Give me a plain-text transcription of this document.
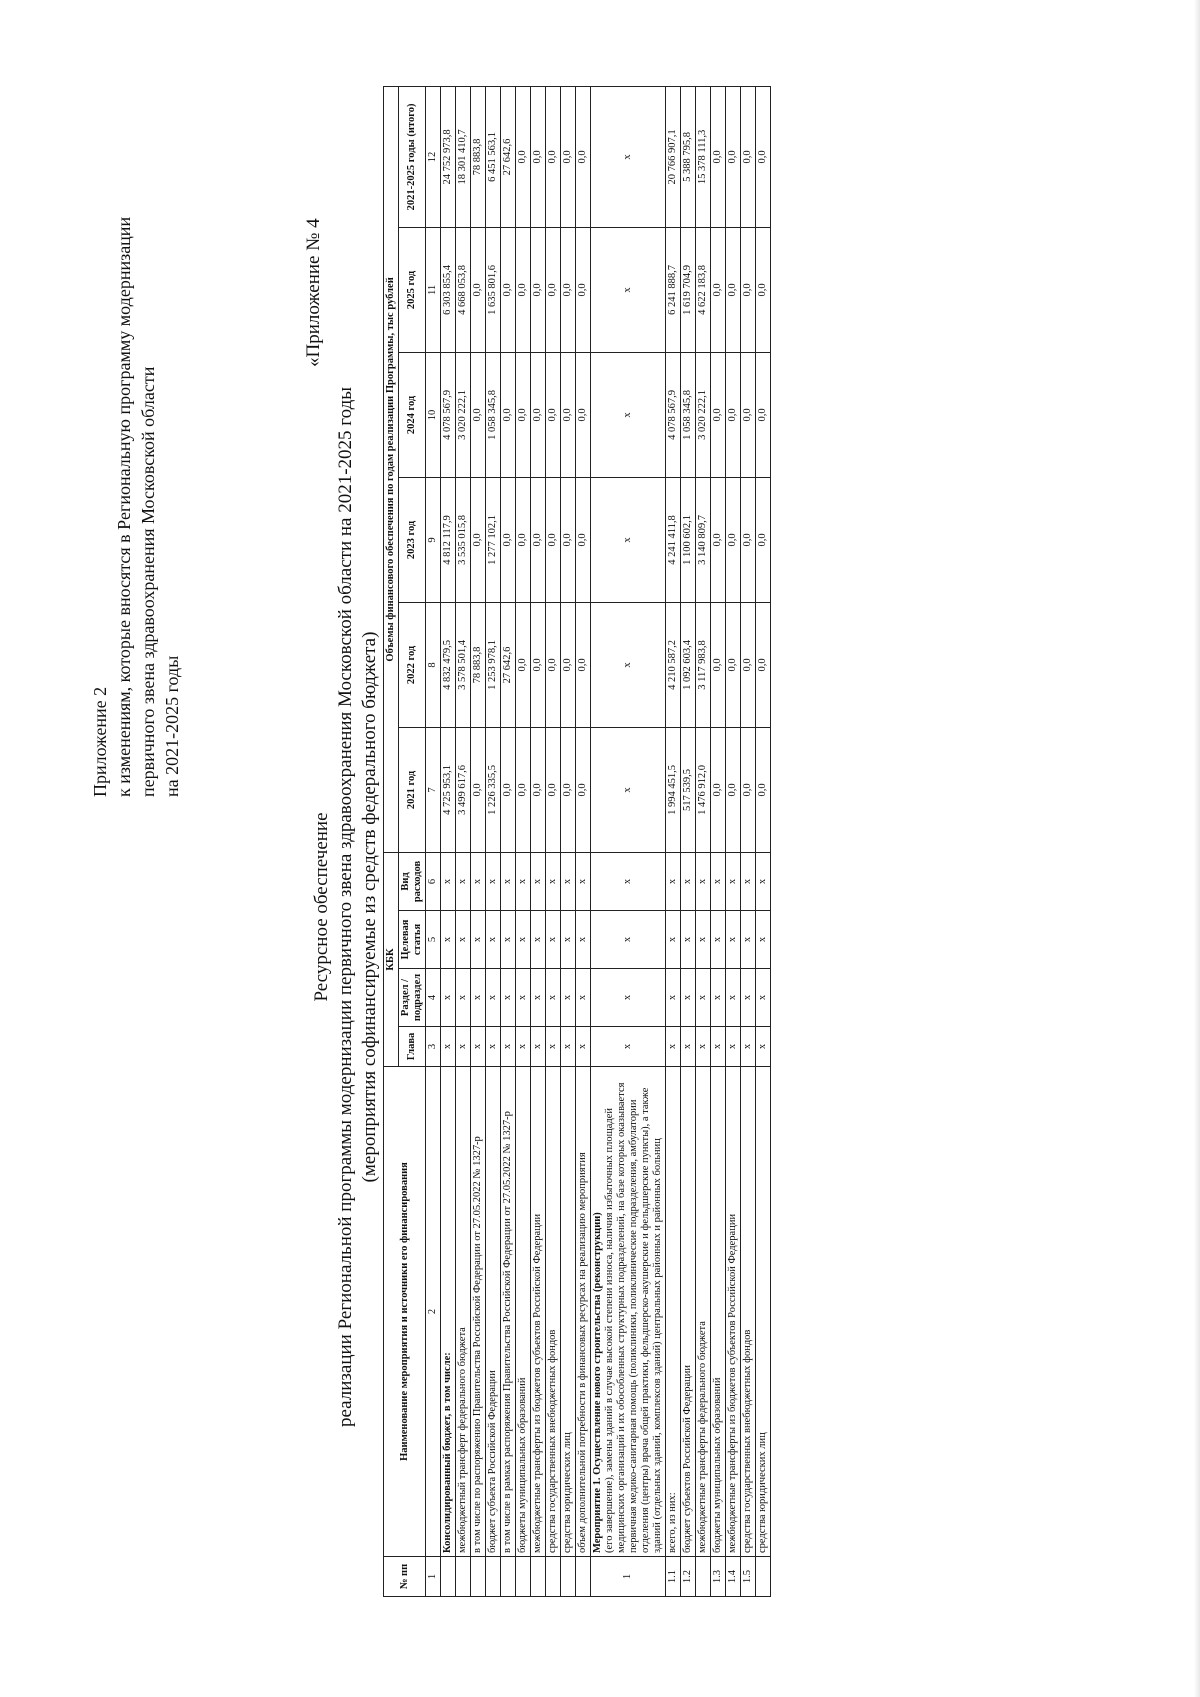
Приложение 2 к изменениям, которые вносятся в Региональную программу модернизации первичного звена здравоохранения Московской области на 2021-2025 годы
«Приложение № 4
Ресурсное обеспечение реализации Региональной программы модернизации первичного звена здравоохранения Московской области на 2021-2025 годы (мероприятия софинансируемые из средств федерального бюджета)
№ пп	Наименование мероприятия и источники его финансирования	КБК				Объемы финансового обеспечения по годам реализации Программы, тыс рублей					
		Глава	Раздел / подраздел	Целевая статья	Вид расходов	2021 год	2022 год	2023 год	2024 год	2025 год	2021-2025 годы (итого)
1	2	3	4	5	6	7	8	9	10	11	12
	Консолидированный бюджет, в том числе:	x	x	x	x	4 725 953,1	4 832 479,5	4 812 117,9	4 078 567,9	6 303 855,4	24 752 973,8
	межбюджетный трансферт федерального бюджета	x	x	x	x	3 499 617,6	3 578 501,4	3 535 015,8	3 020 222,1	4 668 053,8	18 301 410,7
	в том числе по распоряжению Правительства Российской Федерации от 27.05.2022 № 1327-р	x	x	x	x	0,0	78 883,8	0,0	0,0	0,0	78 883,8
	бюджет субъекта Российской Федерации	x	x	x	x	1 226 335,5	1 253 978,1	1 277 102,1	1 058 345,8	1 635 801,6	6 451 563,1
	в том числе в рамках распоряжения Правительства Российской Федерации от 27.05.2022 № 1327-р	x	x	x	x	0,0	27 642,6	0,0	0,0	0,0	27 642,6
	бюджеты муниципальных образований	x	x	x	x	0,0	0,0	0,0	0,0	0,0	0,0
	межбюджетные трансферты из бюджетов субъектов Российской Федерации	x	x	x	x	0,0	0,0	0,0	0,0	0,0	0,0
	средства государственных внебюджетных фондов	x	x	x	x	0,0	0,0	0,0	0,0	0,0	0,0
	средства юридических лиц	x	x	x	x	0,0	0,0	0,0	0,0	0,0	0,0
	объем дополнительной потребности в финансовых ресурсах на реализацию мероприятия	x	x	x	x	0,0	0,0	0,0	0,0	0,0	0,0
1	Мероприятие 1. Осуществление нового строительства (реконструкции)
(его завершение), замены зданий в случае высокой степени износа, наличия избыточных площадей медицинских организаций и их обособленных структурных подразделений, на базе которых оказывается первичная медико-санитарная помощь (поликлиники, поликлинические подразделения, амбулатории отделения (центры) врача общей практики, фельдшерско-акушерские и фельдшерские пункты), а также зданий (отдельных зданий, комплексов зданий) центральных районных и районных больниц	x	x	x	x	x	x	x	x	x	x
1.1	всего, из них:	x	x	x	x	1 994 451,5	4 210 587,2	4 241 411,8	4 078 567,9	6 241 888,7	20 766 907,1
1.2	бюджет субъектов Российской Федерации	x	x	x	x	517 539,5	1 092 603,4	1 100 602,1	1 058 345,8	1 619 704,9	5 388 795,8
	межбюджетные трансферты федерального бюджета	x	x	x	x	1 476 912,0	3 117 983,8	3 140 809,7	3 020 222,1	4 622 183,8	15 378 111,3
1.3	бюджеты муниципальных образований	x	x	x	x	0,0	0,0	0,0	0,0	0,0	0,0
1.4	межбюджетные трансферты из бюджетов субъектов Российской Федерации	x	x	x	x	0,0	0,0	0,0	0,0	0,0	0,0
1.5	средства государственных внебюджетных фондов	x	x	x	x	0,0	0,0	0,0	0,0	0,0	0,0
	средства юридических лиц	x	x	x	x	0,0	0,0	0,0	0,0	0,0	0,0
